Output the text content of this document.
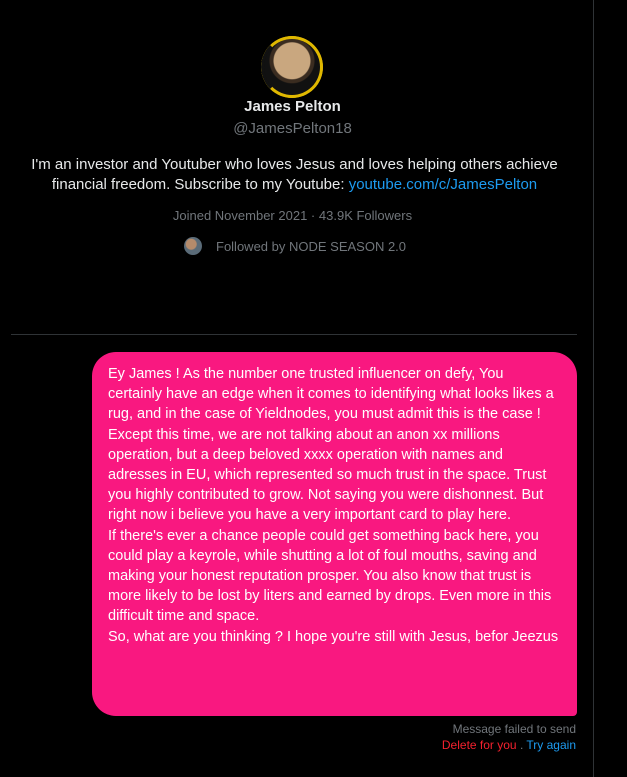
James Pelton
@JamesPelton18
I'm an investor and Youtuber who loves Jesus and loves helping others achieve financial freedom. Subscribe to my Youtube: youtube.com/c/JamesPelton
Joined November 2021 · 43.9K Followers
Followed by NODE SEASON 2.0
Ey James ! As the number one trusted influencer on defy, You certainly have an edge when it comes to identifying what looks likes a rug, and in the case of Yieldnodes, you must admit this is the case !
Except this time, we are not talking about an anon xx millions operation, but a deep beloved xxxx operation with names and adresses in EU, which represented so much trust in the space. Trust you highly contributed to grow. Not saying you were dishonnest. But right now i believe you have a very important card to play here.
If there's ever a chance people could get something back here, you could play a keyrole, while shutting a lot of foul mouths, saving and making your honest reputation prosper. You also know that trust is more likely to be lost by liters and earned by drops. Even more in this difficult time and space.
So, what are you thinking ? I hope you're still with Jesus, befor Jeezus
Message failed to send
Delete for you . Try again
